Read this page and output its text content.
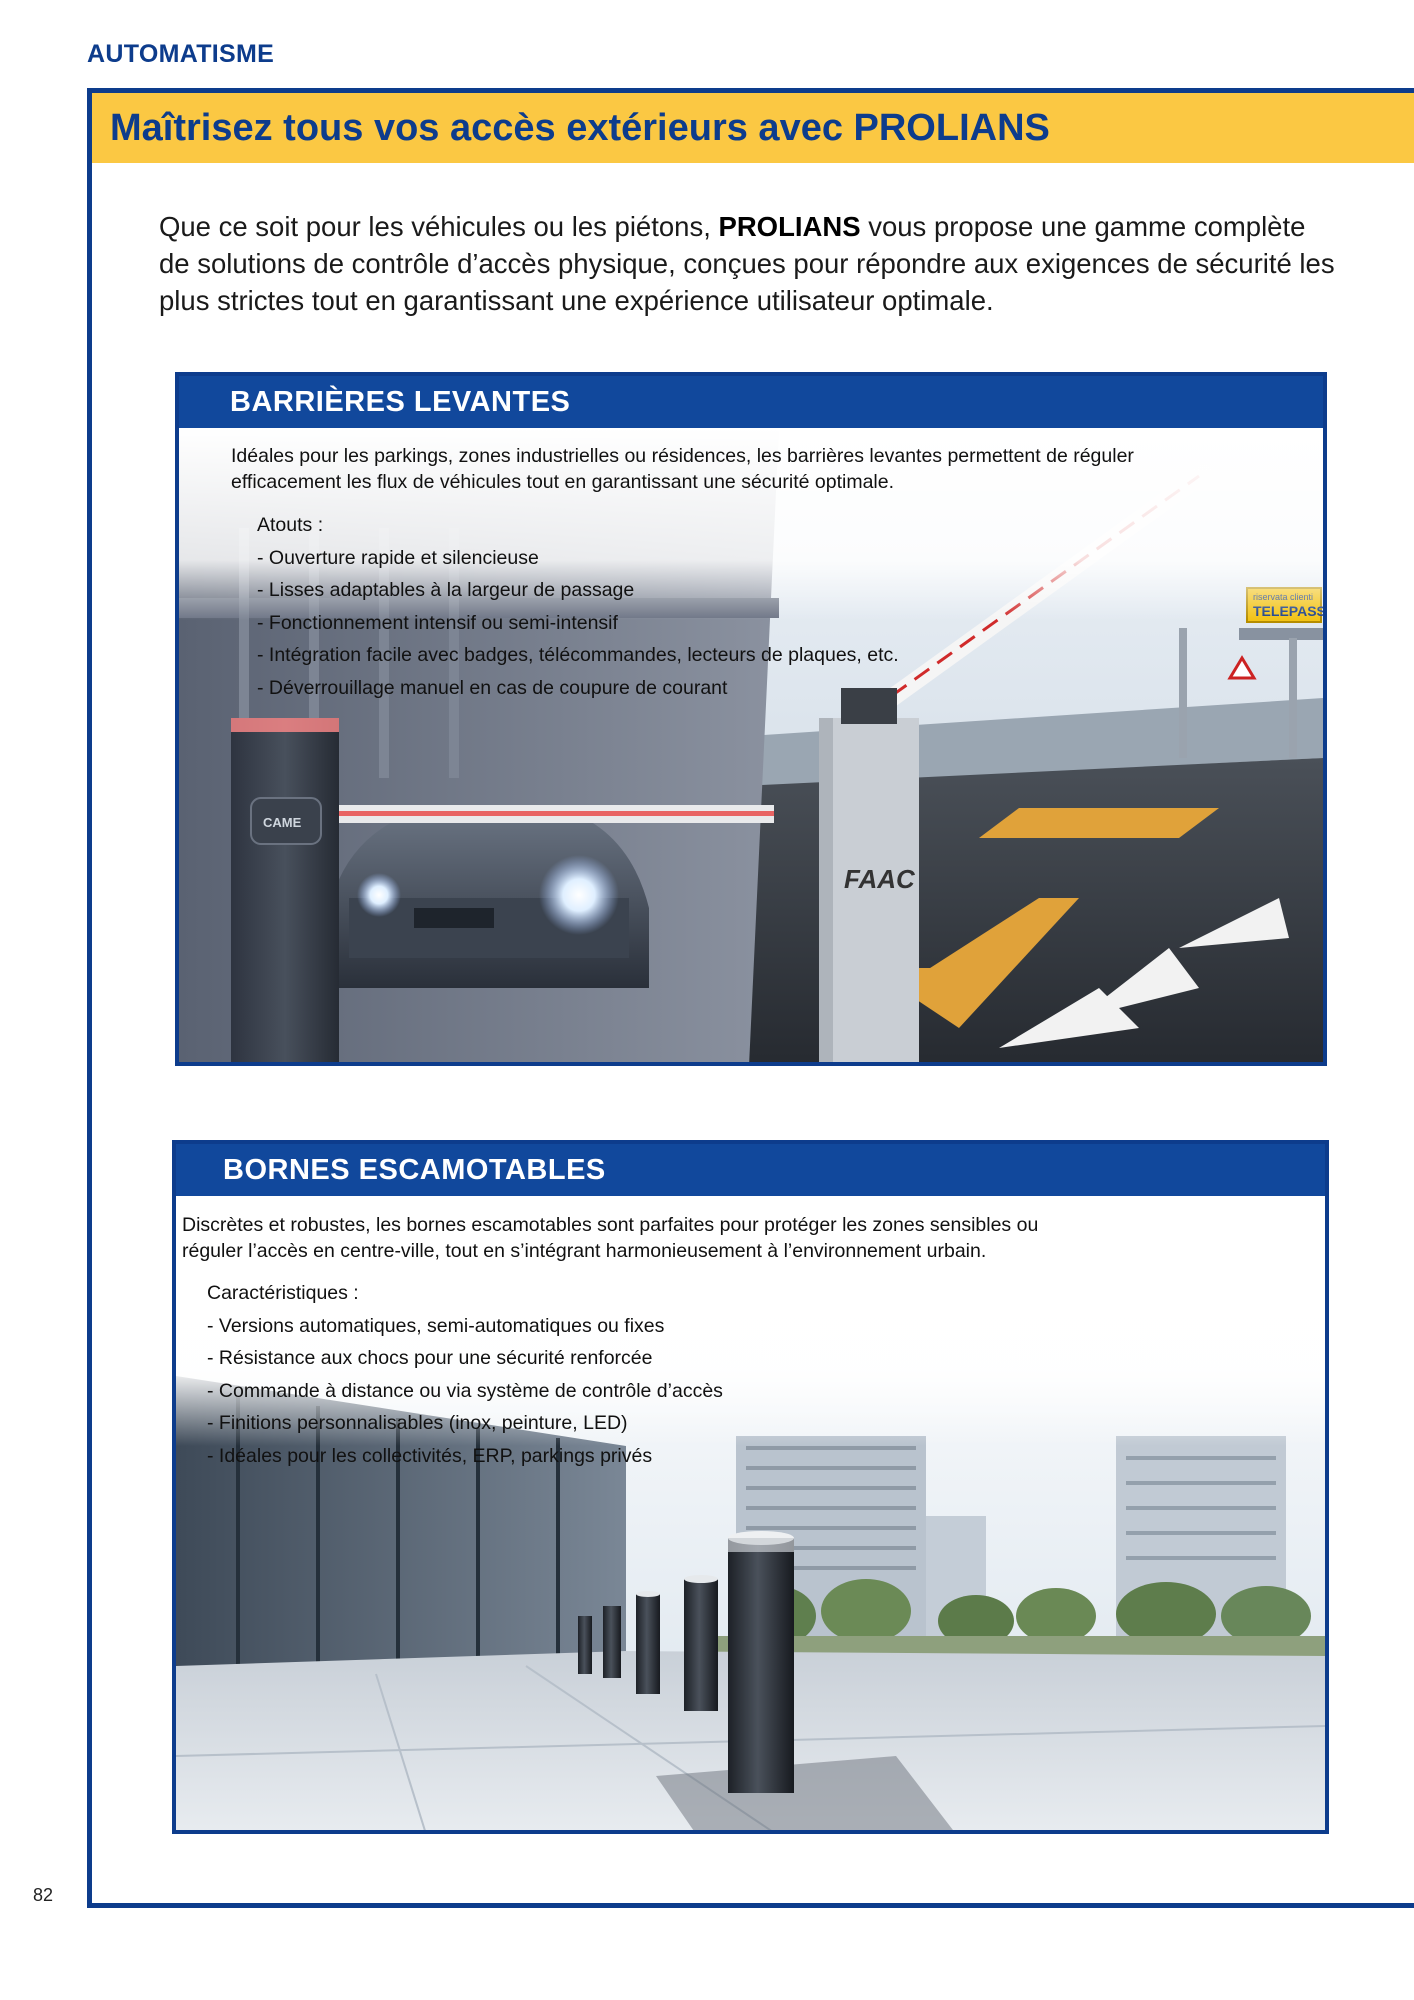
AUTOMATISME
Maîtrisez tous vos accès extérieurs avec PROLIANS

Que ce soit pour les véhicules ou les piétons, PROLIANS vous propose une gamme complète de solutions de contrôle d’accès physique, conçues pour répondre aux exigences de sécurité les plus strictes tout en garantissant une expérience utilisateur optimale.

BARRIÈRES LEVANTES
FAAC
CAME

Idéales pour les parkings, zones industrielles ou résidences, les barrières levantes permettent de réguler efficacement les flux de véhicules tout en garantissant une sécurité optimale.

Atouts :
- Ouverture rapide et silencieuse
- Lisses adaptables à la largeur de passage
- Fonctionnement intensif ou semi-intensif
- Intégration facile avec badges, télécommandes, lecteurs de plaques, etc.
- Déverrouillage manuel en cas de coupure de courant
BORNES ESCAMOTABLES

Discrètes et robustes, les bornes escamotables sont parfaites pour protéger les zones sensibles ou réguler l’accès en centre-ville, tout en s’intégrant harmonieusement à l’environnement urbain.

Caractéristiques :
- Versions automatiques, semi-automatiques ou fixes
- Résistance aux chocs pour une sécurité renforcée
- Commande à distance ou via système de contrôle d’accès
- Finitions personnalisables (inox, peinture, LED)
- Idéales pour les collectivités, ERP, parkings privés
82
